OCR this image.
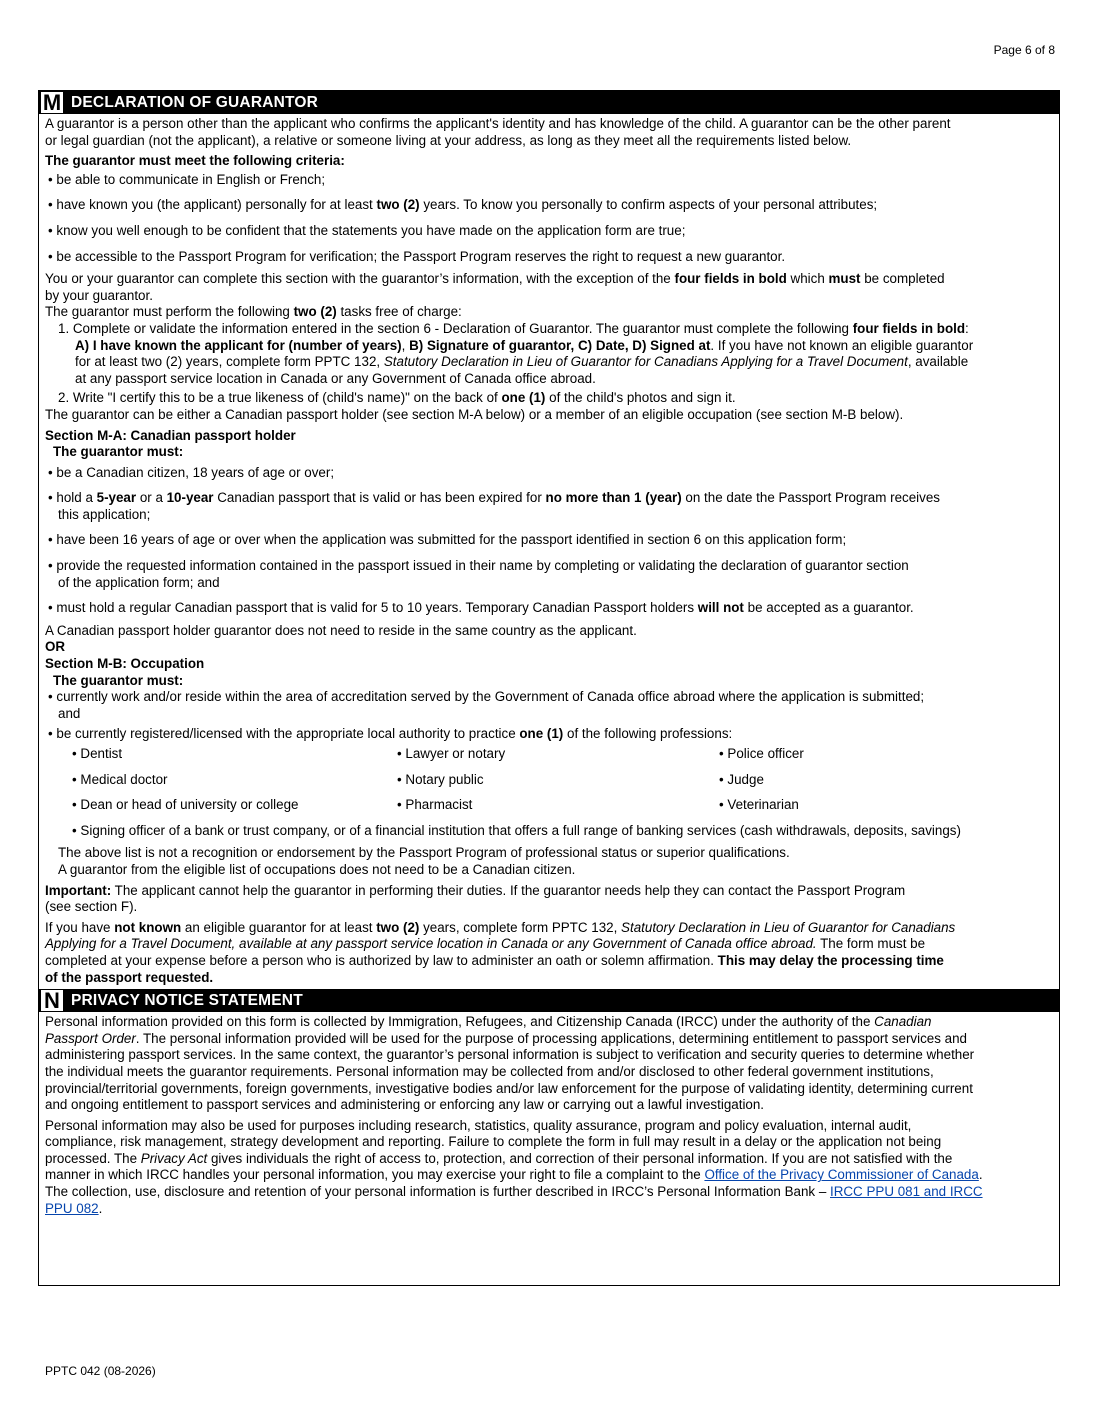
Page 6 of 8
M DECLARATION OF GUARANTOR

A guarantor is a person other than the applicant who confirms the applicant's identity and has knowledge of the child. A guarantor can be the other parent

or legal guardian (not the applicant), a relative or someone living at your address, as long as they meet all the requirements listed below.

The guarantor must meet the following criteria:

• be able to communicate in English or French;

• have known you (the applicant) personally for at least two (2) years. To know you personally to confirm aspects of your personal attributes;

• know you well enough to be confident that the statements you have made on the application form are true;

• be accessible to the Passport Program for verification; the Passport Program reserves the right to request a new guarantor.

You or your guarantor can complete this section with the guarantor’s information, with the exception of the four fields in bold which must be completed

by your guarantor.

The guarantor must perform the following two (2) tasks free of charge:

1. Complete or validate the information entered in the section 6 - Declaration of Guarantor. The guarantor must complete the following four fields in bold:
A) I have known the applicant for (number of years), B) Signature of guarantor, C) Date, D) Signed at. If you have not known an eligible guarantor
for at least two (2) years, complete form PPTC 132, Statutory Declaration in Lieu of Guarantor for Canadians Applying for a Travel Document, available
at any passport service location in Canada or any Government of Canada office abroad.

2. Write "I certify this to be a true likeness of (child's name)" on the back of one (1) of the child's photos and sign it.

The guarantor can be either a Canadian passport holder (see section M-A below) or a member of an eligible occupation (see section M-B below).

Section M-A: Canadian passport holder

The guarantor must:

• be a Canadian citizen, 18 years of age or over;

• hold a 5-year or a 10-year Canadian passport that is valid or has been expired for no more than 1 (year) on the date the Passport Program receives
this application;

• have been 16 years of age or over when the application was submitted for the passport identified in section 6 on this application form;

• provide the requested information contained in the passport issued in their name by completing or validating the declaration of guarantor section
of the application form; and

• must hold a regular Canadian passport that is valid for 5 to 10 years. Temporary Canadian Passport holders will not be accepted as a guarantor.

A Canadian passport holder guarantor does not need to reside in the same country as the applicant.

OR

Section M-B: Occupation

The guarantor must:

• currently work and/or reside within the area of accreditation served by the Government of Canada office abroad where the application is submitted;
and

• be currently registered/licensed with the appropriate local authority to practice one (1) of the following professions:

• Dentist	• Lawyer or notary	• Police officer
• Medical doctor	• Notary public	• Judge
• Dean or head of university or college	• Pharmacist	• Veterinarian

• Signing officer of a bank or trust company, or of a financial institution that offers a full range of banking services (cash withdrawals, deposits, savings)

The above list is not a recognition or endorsement by the Passport Program of professional status or superior qualifications.

A guarantor from the eligible list of occupations does not need to be a Canadian citizen.

Important: The applicant cannot help the guarantor in performing their duties. If the guarantor needs help they can contact the Passport Program

(see section F).

If you have not known an eligible guarantor for at least two (2) years, complete form PPTC 132, Statutory Declaration in Lieu of Guarantor for Canadians
Applying for a Travel Document, available at any passport service location in Canada or any Government of Canada office abroad. The form must be
completed at your expense before a person who is authorized by law to administer an oath or solemn affirmation. This may delay the processing time
of the passport requested.

N PRIVACY NOTICE STATEMENT

Personal information provided on this form is collected by Immigration, Refugees, and Citizenship Canada (IRCC) under the authority of the Canadian
Passport Order. The personal information provided will be used for the purpose of processing applications, determining entitlement to passport services and
administering passport services. In the same context, the guarantor’s personal information is subject to verification and security queries to determine whether
the individual meets the guarantor requirements. Personal information may be collected from and/or disclosed to other federal government institutions,
provincial/territorial governments, foreign governments, investigative bodies and/or law enforcement for the purpose of validating identity, determining current
and ongoing entitlement to passport services and administering or enforcing any law or carrying out a lawful investigation.

Personal information may also be used for purposes including research, statistics, quality assurance, program and policy evaluation, internal audit,
compliance, risk management, strategy development and reporting. Failure to complete the form in full may result in a delay or the application not being
processed. The Privacy Act gives individuals the right of access to, protection, and correction of their personal information. If you are not satisfied with the
manner in which IRCC handles your personal information, you may exercise your right to file a complaint to the Office of the Privacy Commissioner of Canada.
The collection, use, disclosure and retention of your personal information is further described in IRCC’s Personal Information Bank – IRCC PPU 081 and IRCC
PPU 082.

PPTC 042 (08-2026)
